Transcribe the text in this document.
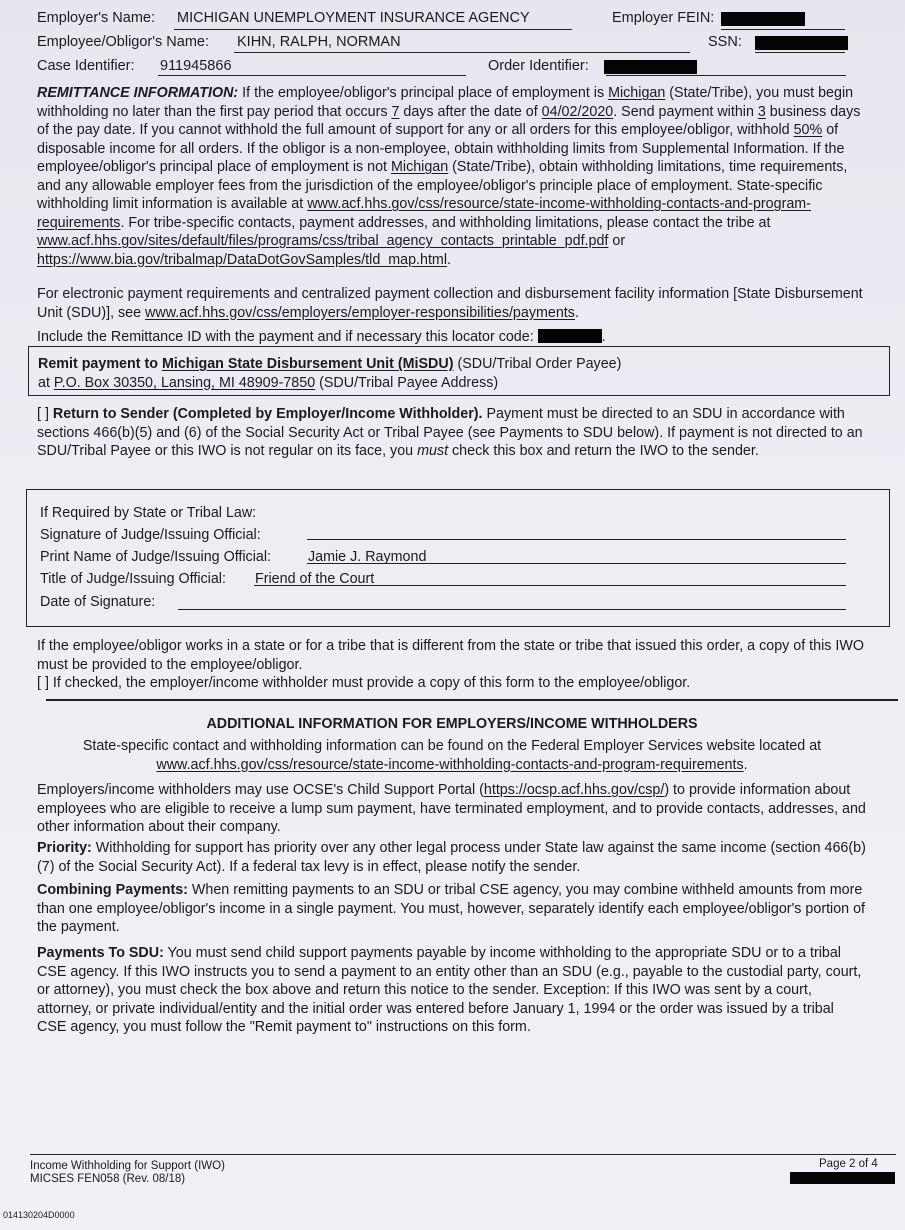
Employer's Name: MICHIGAN UNEMPLOYMENT INSURANCE AGENCY	Employer FEIN:
Employee/Obligor's Name: KIHN, RALPH, NORMAN	SSN:
Case Identifier: 911945866	Order Identifier:

REMITTANCE INFORMATION: If the employee/obligor's principal place of employment is Michigan (State/Tribe), you must begin withholding no later than the first pay period that occurs 7 days after the date of 04/02/2020. Send payment within 3 business days of the pay date. If you cannot withhold the full amount of support for any or all orders for this employee/obligor, withhold 50% of disposable income for all orders. If the obligor is a non-employee, obtain withholding limits from Supplemental Information. If the employee/obligor's principal place of employment is not Michigan (State/Tribe), obtain withholding limitations, time requirements, and any allowable employer fees from the jurisdiction of the employee/obligor's principle place of employment. State-specific withholding limit information is available at www.acf.hhs.gov/css/resource/state-income-withholding-contacts-and-program-requirements. For tribe-specific contacts, payment addresses, and withholding limitations, please contact the tribe at www.acf.hhs.gov/sites/default/files/programs/css/tribal_agency_contacts_printable_pdf.pdf or https://www.bia.gov/tribalmap/DataDotGovSamples/tld_map.html.

For electronic payment requirements and centralized payment collection and disbursement facility information [State Disbursement Unit (SDU)], see www.acf.hhs.gov/css/employers/employer-responsibilities/payments.

Include the Remittance ID with the payment and if necessary this locator code:	.

Remit payment to Michigan State Disbursement Unit (MiSDU) (SDU/Tribal Order Payee)
at P.O. Box 30350, Lansing, MI 48909-7850 (SDU/Tribal Payee Address)

[ ] Return to Sender (Completed by Employer/Income Withholder). Payment must be directed to an SDU in accordance with sections 466(b)(5) and (6) of the Social Security Act or Tribal Payee (see Payments to SDU below). If payment is not directed to an SDU/Tribal Payee or this IWO is not regular on its face, you must check this box and return the IWO to the sender.

If Required by State or Tribal Law:
Signature of Judge/Issuing Official:
Print Name of Judge/Issuing Official:	Jamie J. Raymond
Title of Judge/Issuing Official: Friend of the Court
Date of Signature:

If the employee/obligor works in a state or for a tribe that is different from the state or tribe that issued this order, a copy of this IWO must be provided to the employee/obligor.
[ ] If checked, the employer/income withholder must provide a copy of this form to the employee/obligor.

ADDITIONAL INFORMATION FOR EMPLOYERS/INCOME WITHHOLDERS

State-specific contact and withholding information can be found on the Federal Employer Services website located at
www.acf.hhs.gov/css/resource/state-income-withholding-contacts-and-program-requirements.

Employers/income withholders may use OCSE's Child Support Portal (https://ocsp.acf.hhs.gov/csp/) to provide information about employees who are eligible to receive a lump sum payment, have terminated employment, and to provide contacts, addresses, and other information about their company.

Priority: Withholding for support has priority over any other legal process under State law against the same income (section 466(b)(7) of the Social Security Act). If a federal tax levy is in effect, please notify the sender.

Combining Payments: When remitting payments to an SDU or tribal CSE agency, you may combine withheld amounts from more than one employee/obligor's income in a single payment. You must, however, separately identify each employee/obligor's portion of the payment.

Payments To SDU: You must send child support payments payable by income withholding to the appropriate SDU or to a tribal CSE agency. If this IWO instructs you to send a payment to an entity other than an SDU (e.g., payable to the custodial party, court, or attorney), you must check the box above and return this notice to the sender. Exception: If this IWO was sent by a court, attorney, or private individual/entity and the initial order was entered before January 1, 1994 or the order was issued by a tribal CSE agency, you must follow the "Remit payment to" instructions on this form.

Income Withholding for Support (IWO)
MICSES FEN058 (Rev. 08/18)
Page 2 of 4
014130204D0000
